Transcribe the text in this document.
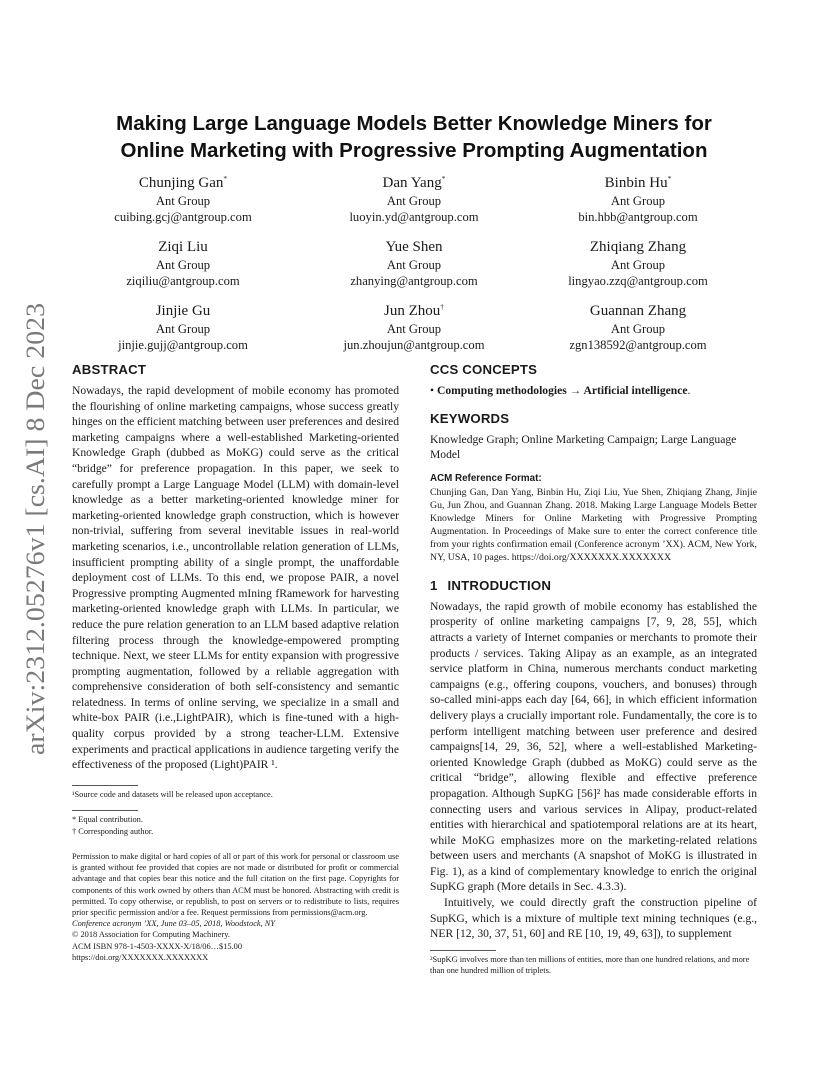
arXiv:2312.05276v1 [cs.AI] 8 Dec 2023
Making Large Language Models Better Knowledge Miners for
Online Marketing with Progressive Prompting Augmentation
Chunjing Gan*
Ant Group
cuibing.gcj@antgroup.com
Dan Yang*
Ant Group
luoyin.yd@antgroup.com
Binbin Hu*
Ant Group
bin.hbb@antgroup.com
Ziqi Liu
Ant Group
ziqiliu@antgroup.com
Yue Shen
Ant Group
zhanying@antgroup.com
Zhiqiang Zhang
Ant Group
lingyao.zzq@antgroup.com
Jinjie Gu
Ant Group
jinjie.gujj@antgroup.com
Jun Zhou†
Ant Group
jun.zhoujun@antgroup.com
Guannan Zhang
Ant Group
zgn138592@antgroup.com
ABSTRACT

Nowadays, the rapid development of mobile economy has promoted the flourishing of online marketing campaigns, whose success greatly hinges on the efficient matching between user preferences and desired marketing campaigns where a well-established Marketing-oriented Knowledge Graph (dubbed as MoKG) could serve as the critical “bridge” for preference propagation. In this paper, we seek to carefully prompt a Large Language Model (LLM) with domain-level knowledge as a better marketing-oriented knowledge miner for marketing-oriented knowledge graph construction, which is however non-trivial, suffering from several inevitable issues in real-world marketing scenarios, i.e., uncontrollable relation generation of LLMs, insufficient prompting ability of a single prompt, the unaffordable deployment cost of LLMs. To this end, we propose PAIR, a novel Progressive prompting Augmented mIning fRamework for harvesting marketing-oriented knowledge graph with LLMs. In particular, we reduce the pure relation generation to an LLM based adaptive relation filtering process through the knowledge-empowered prompting technique. Next, we steer LLMs for entity expansion with progressive prompting augmentation, followed by a reliable aggregation with comprehensive consideration of both self-consistency and semantic relatedness. In terms of online serving, we specialize in a small and white-box PAIR (i.e.,LightPAIR), which is fine-tuned with a high-quality corpus provided by a strong teacher-LLM. Extensive experiments and practical applications in audience targeting verify the effectiveness of the proposed (Light)PAIR ¹.

¹Source code and datasets will be released upon acceptance.
* Equal contribution.
† Corresponding author.
Permission to make digital or hard copies of all or part of this work for personal or classroom use is granted without fee provided that copies are not made or distributed for profit or commercial advantage and that copies bear this notice and the full citation on the first page. Copyrights for components of this work owned by others than ACM must be honored. Abstracting with credit is permitted. To copy otherwise, or republish, to post on servers or to redistribute to lists, requires prior specific permission and/or a fee. Request permissions from permissions@acm.org.
Conference acronym ’XX, June 03–05, 2018, Woodstock, NY
© 2018 Association for Computing Machinery.
ACM ISBN 978-1-4503-XXXX-X/18/06…$15.00
https://doi.org/XXXXXXX.XXXXXXX
CCS CONCEPTS
• Computing methodologies → Artificial intelligence.
KEYWORDS

Knowledge Graph; Online Marketing Campaign; Large Language Model

ACM Reference Format:
Chunjing Gan, Dan Yang, Binbin Hu, Ziqi Liu, Yue Shen, Zhiqiang Zhang, Jinjie Gu, Jun Zhou, and Guannan Zhang. 2018. Making Large Language Models Better Knowledge Miners for Online Marketing with Progressive Prompting Augmentation. In Proceedings of Make sure to enter the correct conference title from your rights confirmation email (Conference acronym ’XX). ACM, New York, NY, USA, 10 pages. https://doi.org/XXXXXXX.XXXXXXX
1 INTRODUCTION

Nowadays, the rapid growth of mobile economy has established the prosperity of online marketing campaigns [7, 9, 28, 55], which attracts a variety of Internet companies or merchants to promote their products / services. Taking Alipay as an example, as an integrated service platform in China, numerous merchants conduct marketing campaigns (e.g., offering coupons, vouchers, and bonuses) through so-called mini-apps each day [64, 66], in which efficient information delivery plays a crucially important role. Fundamentally, the core is to perform intelligent matching between user preference and desired campaigns[14, 29, 36, 52], where a well-established Marketing-oriented Knowledge Graph (dubbed as MoKG) could serve as the critical “bridge”, allowing flexible and effective preference propagation. Although SupKG [56]² has made considerable efforts in connecting users and various services in Alipay, product-related entities with hierarchical and spatiotemporal relations are at its heart, while MoKG emphasizes more on the marketing-related relations between users and merchants (A snapshot of MoKG is illustrated in Fig. 1), as a kind of complementary knowledge to enrich the original SupKG graph (More details in Sec. 4.3.3).

Intuitively, we could directly graft the construction pipeline of SupKG, which is a mixture of multiple text mining techniques (e.g., NER [12, 30, 37, 51, 60] and RE [10, 19, 49, 63]), to supplement

²SupKG involves more than ten millions of entities, more than one hundred relations, and more than one hundred million of triplets.
